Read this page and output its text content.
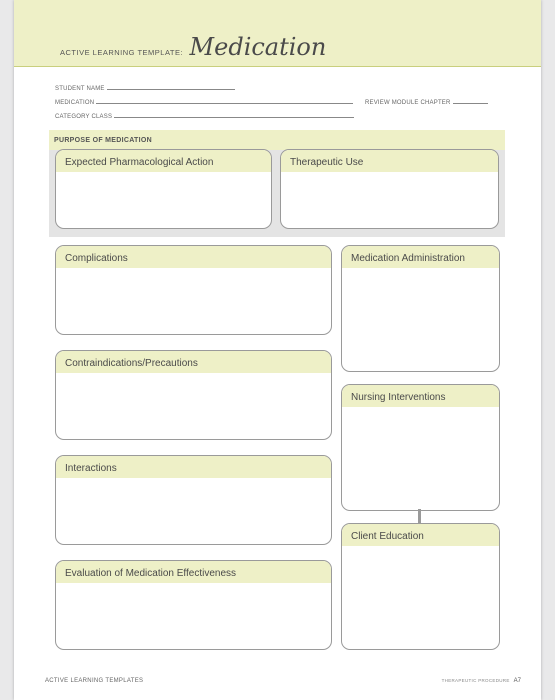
ACTIVE LEARNING TEMPLATE: Medication
STUDENT NAME
MEDICATION	REVIEW MODULE CHAPTER
CATEGORY CLASS
PURPOSE OF MEDICATION
Expected Pharmacological Action	Therapeutic Use
Complications
Contraindications/Precautions
Interactions
Evaluation of Medication Effectiveness
Medication Administration
Nursing Interventions
Client Education
ACTIVE LEARNING TEMPLATES	THERAPEUTIC PROCEDURE A7
